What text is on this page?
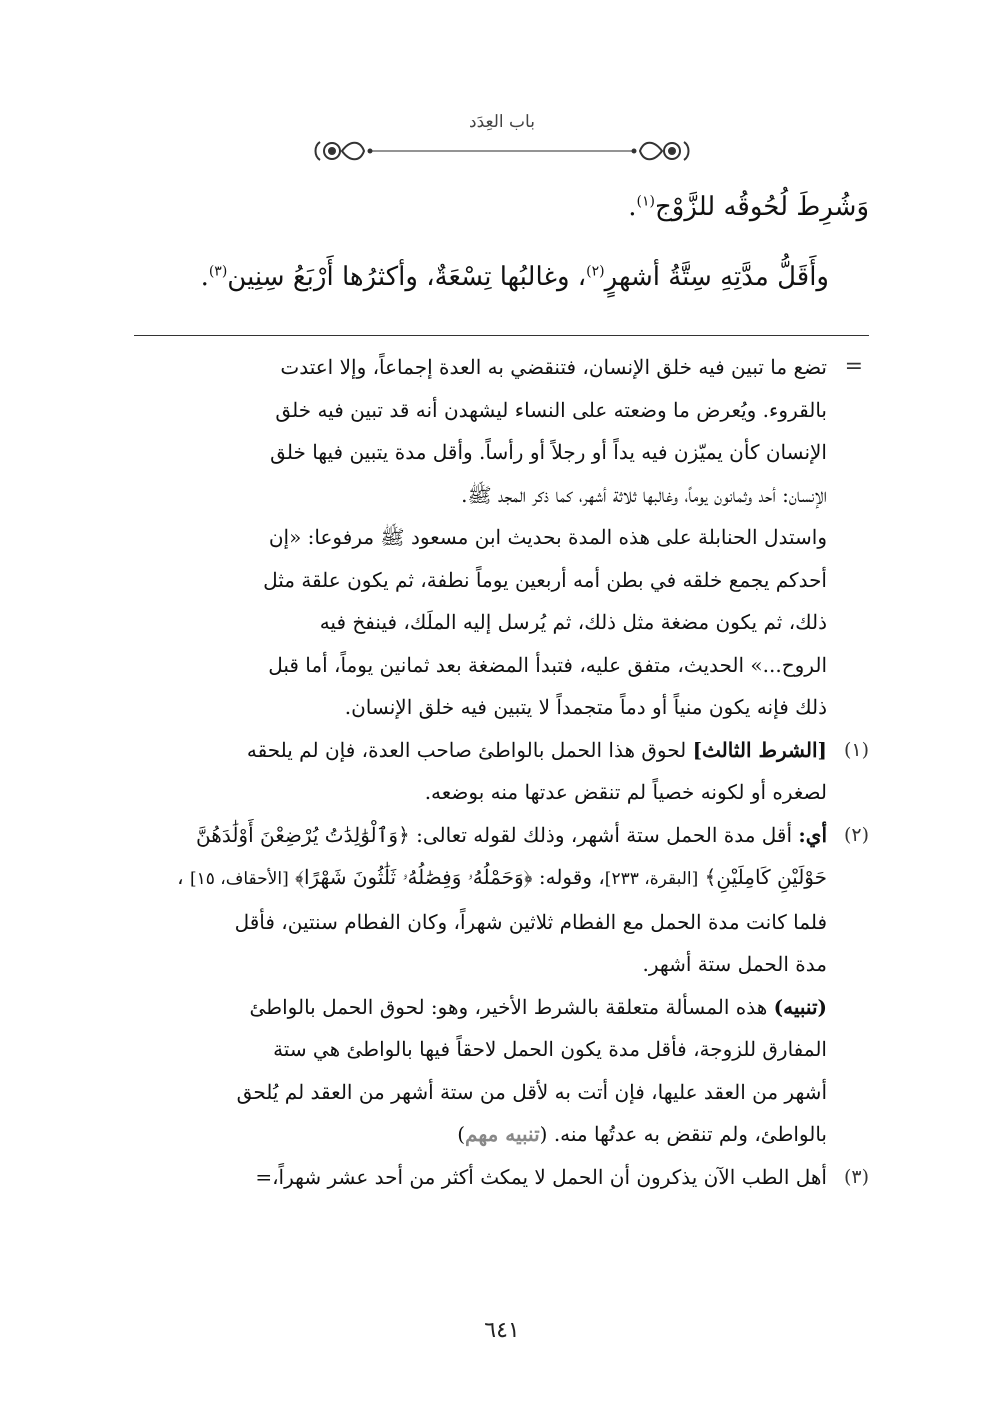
باب العِدَد
وَشُرِطَ لُحُوقُه للزَّوْج$^{(١)}$.
وأَقَلُّ مدَّتِهِ سِتَّةُ أشهرٍ$^{(٢)}$، وغالبُها تِسْعَةٌ، وأكثرُها أَرْبَعُ سِنِين$^{(٣)}$.
=
تضع ما تبين فيه خلق الإنسان، فتنقضي به العدة إجماعاً، وإلا اعتدت
بالقروء. ويُعرض ما وضعته على النساء ليشهدن أنه قد تبين فيه خلق
الإنسان كأن يميّزن فيه يداً أو رجلاً أو رأساً. وأقل مدة يتبين فيها خلق
الإنسان: أحد وثمانون يوماً، وغالبها ثلاثة أشهر، كما ذكر المجد ﷺ.
واستدل الحنابلة على هذه المدة بحديث ابن مسعود ﷺ مرفوعا: «إن
أحدكم يجمع خلقه في بطن أمه أربعين يوماً نطفة، ثم يكون علقة مثل
ذلك، ثم يكون مضغة مثل ذلك، ثم يُرسل إليه الملَك، فينفخ فيه
الروح...» الحديث، متفق عليه، فتبدأ المضغة بعد ثمانين يوماً، أما قبل
ذلك فإنه يكون منياً أو دماً متجمداً لا يتبين فيه خلق الإنسان.
(١)
[الشرط الثالث] لحوق هذا الحمل بالواطئ صاحب العدة، فإن لم يلحقه
لصغره أو لكونه خصياً لم تنقض عدتها منه بوضعه.
(٢)
أي: أقل مدة الحمل ستة أشهر، وذلك لقوله تعالى: ﴿وَٱلْوَٰلِدَٰتُ يُرْضِعْنَ أَوْلَٰدَهُنَّ
حَوْلَيْنِ كَامِلَيْنِ﴾ [البقرة، ٢٣٣]، وقوله: ﴿وَحَمْلُهُۥ وَفِصَٰلُهُۥ ثَلَٰثُونَ شَهْرًا﴾ [الأحقاف، ١٥] ،
فلما كانت مدة الحمل مع الفطام ثلاثين شهراً، وكان الفطام سنتين، فأقل
مدة الحمل ستة أشهر.
(تنبيه) هذه المسألة متعلقة بالشرط الأخير، وهو: لحوق الحمل بالواطئ
المفارق للزوجة، فأقل مدة يكون الحمل لاحقاً فيها بالواطئ هي ستة
أشهر من العقد عليها، فإن أتت به لأقل من ستة أشهر من العقد لم يُلحق
بالواطئ، ولم تنقض به عدتُها منه. (تنبيه مهم)
(٣)
أهل الطب الآن يذكرون أن الحمل لا يمكث أكثر من أحد عشر شهراً،=
٦٤١
